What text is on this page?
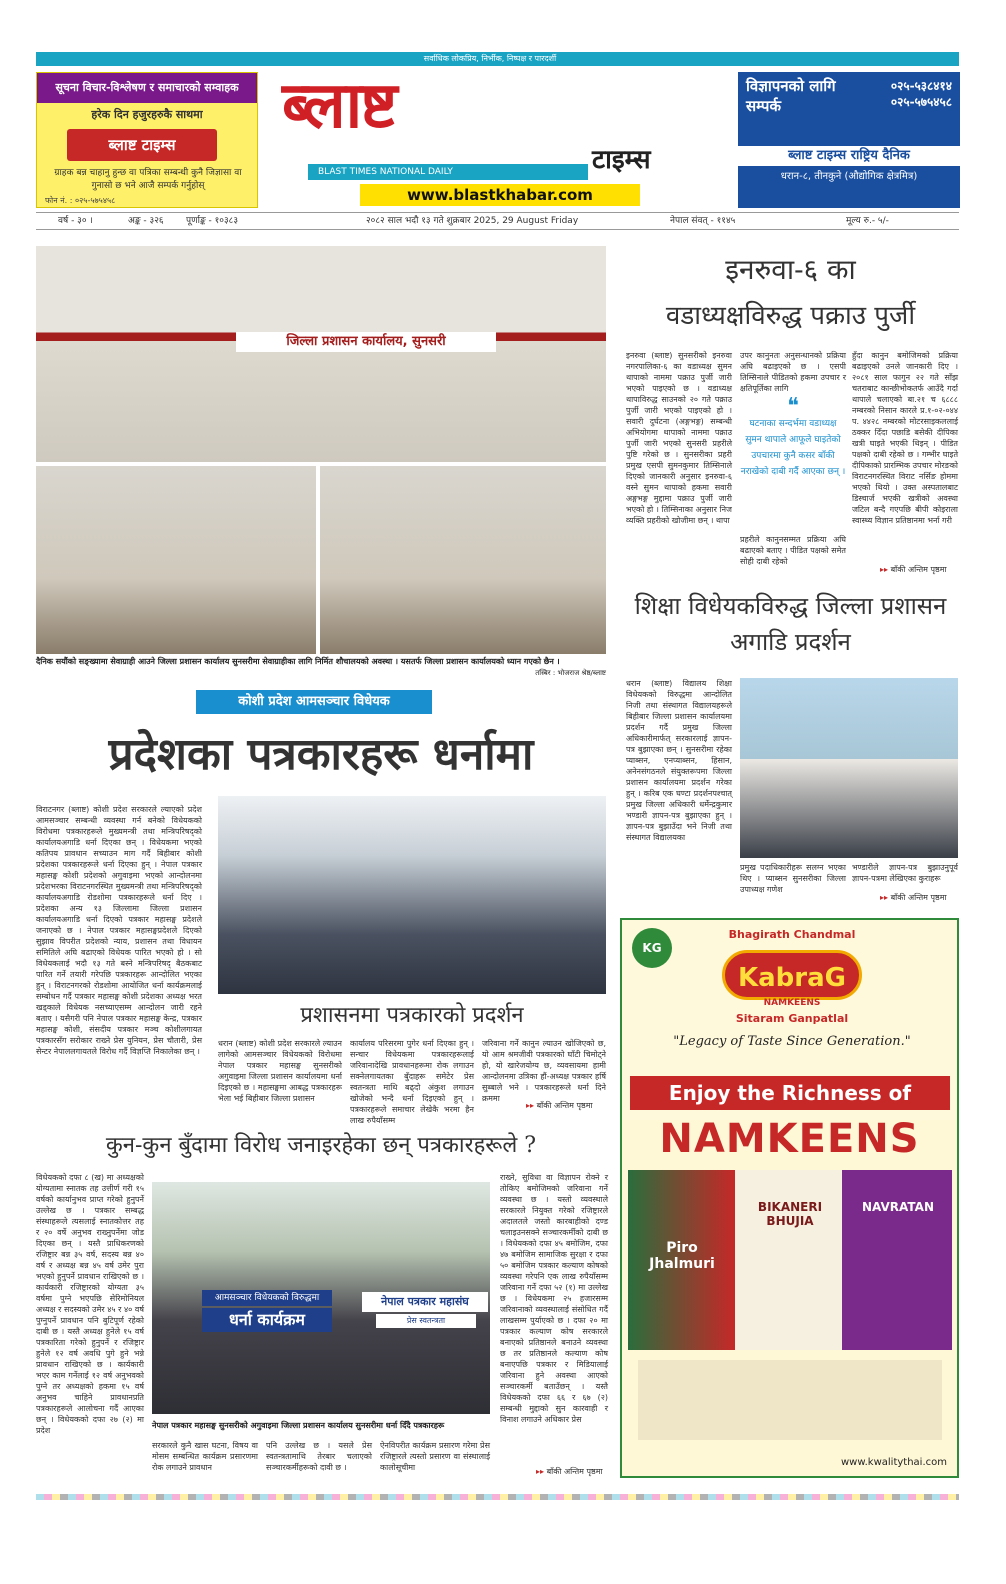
सर्वाधिक लोकप्रिय, निर्भीक, निष्पक्ष र पारदर्शी
सूचना विचार-विश्लेषण र समाचारको सम्वाहक
हरेक दिन हजुरहरुकै साथमा
ब्लाष्ट टाइम्स
ग्राहक बन्न चाहानु हुन्छ वा पत्रिका सम्बन्धी कुनै जिज्ञासा वा गुनासो छ भने आजै सम्पर्क गर्नुहोस्
फोन नं. : ०२५-५७५४५८
ब्लाष्ट
टाइम्स
BLAST TIMES NATIONAL DAILY
www.blastkhabar.com
विज्ञापनको लागि सम्पर्क
०२५-५३८४१४
०२५-५७५४५८
ब्लाष्ट टाइम्स राष्ट्रिय दैनिक
धरान-८, तीनकुने (औद्योगिक क्षेत्रमित्र)
वर्ष - ३० ।	अङ्क - ३२६ पूर्णाङ्क - १०३८३	२०८२ साल भदौ १३ गते शुक्रबार 2025, 29 August Friday	नेपाल संवत् - ११४५	मूल्य रु.- ५/-
जिल्ला प्रशासन कार्यालय, सुनसरी
दैनिक सयौंको सङ्ख्यामा सेवाग्राही आउने जिल्ला प्रशासन कार्यालय सुनसरीमा सेवाग्राहीका लागि निर्मित शौचालयको अवस्था । यसतर्फ जिल्ला प्रशासन कार्यालयको ध्यान गएको छैन ।
तस्बिर : भोजराज श्रेष्ठ/ब्लाष्ट
इनरुवा-६ का
वडाध्यक्षविरुद्ध पक्राउ पुर्जी
इनरुवा (ब्लाष्ट) सुनसरीको इनरुवा नगरपालिका-६ का वडाध्यक्ष सुमन थापाको नाममा पक्राउ पुर्जी जारी भएको पाइएको छ । वडाध्यक्ष थापाविरुद्ध साउनको २० गते पक्राउ पुर्जी जारी भएको पाइएको हो । सवारी दुर्घटना (अङ्गभङ्ग) सम्बन्धी अभियोगमा थापाको नाममा पक्राउ पुर्जी जारी भएको सुनसरी प्रहरीले पुष्टि गरेको छ । सुनसरीका प्रहरी प्रमुख एसपी सुमनकुमार तिम्सिनाले दिएको जानकारी अनुसार इनरुवा-६ वस्ने सुमन थापाको हकमा सवारी अङ्गभङ्ग मुद्दामा पक्राउ पुर्जी जारी भएको हो । तिम्सिनाका अनुसार निज व्यक्ति प्रहरीको खोजीमा छन् । थापा
उपर कानुनतः अनुसन्धानको प्रक्रिया अघि बढाइएको छ । एसपी तिम्सिनाले पीडितको हकमा उपचार र क्षतिपूर्तिका लागि
❝
घटनाका सन्दर्भमा वडाध्यक्ष सुमन थापाले आफूले घाइतेको उपचारमा कुनै कसर बाँकी नराखेको दाबी गर्दै आएका छन् ।
प्रहरीले कानुनसम्मत प्रक्रिया अघि बढाएको बताए । पीडित पक्षको समेत सोही दाबी रहेको
हुँदा कानुन बमोजिमको प्रक्रिया बढाइएको उनले जानकारी दिए । २०८१ साल फागुन २२ गते साँझ चतराबाट कान्छीभोकतर्फ आउँदै गर्दा थापाले चलाएको बा.२१ च ६८८८ नम्बरको निसान कारले प्र.१-०२-०४४ प. ४४२८ नम्बरको मोटरसाइकललाई ठक्कर दिँदा पछाडि बसेकी दीपिका खत्री घाइते भएकी थिइन् । पीडित पक्षको दाबी रहेको छ । गम्भीर घाइते दीपिकाको प्रारम्भिक उपचार मोरङको विराटनगरस्थित विराट नर्सिङ होममा भएको थियो । उक्त अस्पतालबाट डिस्चार्ज भएकी खत्रीको अवस्था जटिल बन्दै गएपछि बीपी कोइराला स्वास्थ्य विज्ञान प्रतिष्ठानमा भर्ना गरी
▸▸ बाँकी अन्तिम पृष्ठमा
शिक्षा विधेयकविरुद्ध जिल्ला प्रशासन अगाडि प्रदर्शन
धरान (ब्लाष्ट) विद्यालय शिक्षा विधेयकको विरुद्धमा आन्दोलित निजी तथा संस्थागत विद्यालयहरूले बिहीबार जिल्ला प्रशासन कार्यालयमा प्रदर्शन गर्दै प्रमुख जिल्ला अधिकारीमार्फत् सरकारलाई ज्ञापन-पत्र बुझाएका छन् । सुनसरीमा रहेका प्याब्सन, एनप्याब्सन, हिसान, अनेनसंगठनले संयुक्तरूपमा जिल्ला प्रशासन कार्यालयमा प्रदर्शन गरेका हुन् । करिब एक घण्टा प्रदर्शनपश्चात् प्रमुख जिल्ला अधिकारी धर्मेन्द्रकुमार भण्डारी ज्ञापन-पत्र बुझाएका हुन् । ज्ञापन-पत्र बुझाउँदा भने निजी तथा संस्थागत विद्यालयका
प्रमुख पदाधिकारीहरू सलग्न भएका थिए । प्याब्सन सुनसरीका जिल्ला उपाध्यक्ष गणेश
भण्डारीले ज्ञापन-पत्र बुझाउनुपूर्व ज्ञापन-पत्रमा लेखिएका कुराहरू
▸▸ बाँकी अन्तिम पृष्ठमा
कोशी प्रदेश आमसञ्चार विधेयक
प्रदेशका पत्रकारहरू धर्नामा
विराटनगर (ब्लाष्ट) कोशी प्रदेश सरकारले ल्याएको प्रदेश आमसञ्चार सम्बन्धी व्यवस्था गर्न बनेको विधेयकको विरोधमा पत्रकारहरूले मुख्यमन्त्री तथा मन्त्रिपरिषद्को कार्यालयअगाडि धर्ना दिएका छन् । विधेयकमा भएको कतिपय प्रावधान सच्याउन माग गर्दै बिहीबार कोशी प्रदेशका पत्रकारहरूले धर्ना दिएका हुन् । नेपाल पत्रकार महासङ्घ कोशी प्रदेशको अगुवाइमा भएको आन्दोलनमा प्रदेशभरका विराटनगरस्थित मुख्यमन्त्री तथा मन्त्रिपरिषद्को कार्यालयअगाडि रोडशोमा पत्रकारहरूले धर्ना दिए । प्रदेशका अन्य १३ जिल्लामा जिल्ला प्रशासन कार्यालयअगाडि धर्ना दिएको पत्रकार महासङ्घ प्रदेशले जनाएको छ । नेपाल पत्रकार महासङ्घप्रदेशले दिएको सुझाव विपरीत प्रदेशको न्याय, प्रशासन तथा विधायन समितिले अघि बढाएको विधेयक पारित भएको हो । सो विधेयकलाई भदौ १३ गते बस्ने मन्त्रिपरिषद् बैठकबाट पारित गर्ने तयारी गरेपछि पत्रकारहरू आन्दोलित भएका हुन् । विराटनगरको रोडशोमा आयोजित धर्ना कार्यक्रमलाई सम्बोधन गर्दै पत्रकार महासङ्घ कोशी प्रदेशका अध्यक्ष भरत खड्काले विधेयक नसच्याएसम्म आन्दोलन जारी रहने बताए । यसैगरी पनि नेपाल पत्रकार महासङ्घ केन्द्र, पत्रकार महासङ्घ कोशी, संसदीय पत्रकार मञ्च कोशीलगायत पत्रकारसँग सरोकार राख्ने प्रेस युनियन, प्रेस चौतारी, प्रेस सेन्टर नेपाललगायतले विरोध गर्दै विज्ञप्ति निकालेका छन् ।
प्रशासनमा पत्रकारको प्रदर्शन
धरान (ब्लाष्ट) कोशी प्रदेश सरकारले ल्याउन लागेको आमसञ्चार विधेयकको विरोधमा नेपाल पत्रकार महासङ्घ सुनसरीको अगुवाइमा जिल्ला प्रशासन कार्यालयमा धर्ना दिइएको छ । महासङ्घमा आबद्ध पत्रकारहरू भेला भई बिहीबार जिल्ला प्रशासन
कार्यालय परिसरमा पुगेर धर्ना दिएका हुन् । सन्चार विधेयकमा पत्रकारहरूलाई जरिवानादेखि प्रावधानहरूमा रोक लगाउन सक्नेलगायतका बुँदाहरू समेटेर प्रेस स्वतन्त्रता माथि बढ्दो अंकुश लगाउन खोजेको भन्दै धर्ना दिइएको हुन् । पत्रकारहरूले समाचार लेखेकै भरमा हैन लाख रुपैयाँसम्म
जरिवाना गर्ने कानुन ल्याउन खोजिएको छ, यो आम श्रमजीवी पत्रकारको घाँटी चिमोट्ने हो, यो खारेजयोग्य छ, व्यवसायमा हामी आन्दोलनमा उत्रिका हौं-अध्यक्ष पत्रकार हर्षि सुब्बाले भने । पत्रकारहरूले धर्ना दिने क्रममा
▸▸ बाँकी अन्तिम पृष्ठमा
कुन-कुन बुँदामा विरोध जनाइरहेका छन् पत्रकारहरूले ?
विधेयकको दफा ८ (ख) मा अध्यक्षको योग्यतामा स्नातक तह उत्तीर्ण गरी १५ वर्षको कार्यानुभव प्राप्त गरेको हुनुपर्ने उल्लेख छ । पत्रकार सम्बद्ध संस्थाहरूले त्यसलाई स्नातकोत्तर तह र २० वर्षे अनुभव राख्नुपर्नेमा जोड दिएका छन् । यस्तै प्राधिकरणको रजिष्ट्रार बन्न ३५ वर्ष, सदस्य बन्न ४० वर्ष र अध्यक्ष बन्न ४५ वर्ष उमेर पुरा भएको हुनुपर्ने प्रावधान राखिएको छ । कार्यकारी रजिष्ट्रारको योग्यता ३५ वर्षमा पुग्ने भएपछि सेरिमोनियल अध्यक्ष र सदस्यको उमेर ४५ र ४० वर्ष पुग्नुपर्ने प्रावधान पनि बुटिपूर्ण रहेको दाबी छ । यस्तै अध्यक्ष हुनेले १५ वर्ष पत्रकारिता गरेको हुनुपर्ने र रजिष्ट्रार हुनेले १२ वर्ष अवधि पुगे हुने भन्ने प्रावधान राखिएको छ । कार्यकारी भएर काम गर्नेलाई १२ वर्ष अनुभवको पुग्ने तर अध्यक्षको हकमा १५ वर्ष अनुभव चाहिने प्रावधानप्रति पत्रकारहरूले आलोचना गर्दै आएका छन् । विधेयकको दफा २७ (२) मा प्रदेश
आमसञ्चार विधेयकको विरुद्धमा
धर्ना कार्यक्रम
नेपाल पत्रकार महासंघ
प्रेस स्वतन्त्रता
नेपाल पत्रकार महासङ्घ सुनसरीको अगुवाइमा जिल्ला प्रशासन कार्यालय सुनसरीमा धर्ना दिँदै पत्रकारहरू
सरकारले कुनै खास घटना, विषय वा मोसम सम्बन्धित कार्यक्रम प्रसारणमा रोक लगाउने प्रावधान
पनि उल्लेख छ । यसले प्रेस स्वतन्त्रतामाथि तेरबार चलाएको सञ्चारकर्मीहरूको दावी छ ।
ऐनविपरीत कार्यक्रम प्रसारण गरेमा प्रेस रजिष्ट्रारले त्यस्तो प्रसारण वा संस्थालाई कालोसूचीमा
राख्ने, सुविधा वा विज्ञापन रोक्ने र तोकिए बमोजिमको जरिवाना गर्ने व्यवस्था छ । यस्तो व्यवस्थाले सरकारले नियुक्त गरेको रजिष्ट्रारले अदालतले जस्तो कारबाहीको दण्ड चलाइउनसक्ने सञ्चारकर्मीको दाबी छ । विधेयकको दफा ४५ बमोजिम, दफा ४७ बमोजिम सामाजिक सुरक्षा र दफा ५० बमोजिम पत्रकार कल्याण कोषको व्यवस्था गरेपनि एक लाख रुपैयाँसम्म जरिवाना गर्ने दफा ५२ (१) मा उल्लेख छ । विधेयकमा २५ हजारसम्म जरिवानाको व्यवस्थालाई संसोधित गर्दै लाखसम्म पुर्याएको छ । दफा २० मा पत्रकार कल्याण कोष सरकारले बनाएको प्रतिष्ठानले बनाउने व्यवस्था छ तर प्रतिष्ठानले कल्याण कोष बनाएपछि पत्रकार र मिडियालाई जरिवाना हुने अवस्था आएको सञ्चारकर्मी बताउँछन् । यस्तै विधेयकको दफा ६६ र ६७ (२) सम्बन्धी मुद्दाको सुन कारवाही र विनाश लगाउने अधिकार प्रेस
▸▸ बाँकी अन्तिम पृष्ठमा
KG
Bhagirath Chandmal
KabraG
NAMKEENS
Sitaram Ganpatlal
"Legacy of Taste Since Generation."
Enjoy the Richness of
NAMKEENS
Piro Jhalmuri
BIKANERI BHUJIA
NAVRATAN
www.kwalitythai.com
